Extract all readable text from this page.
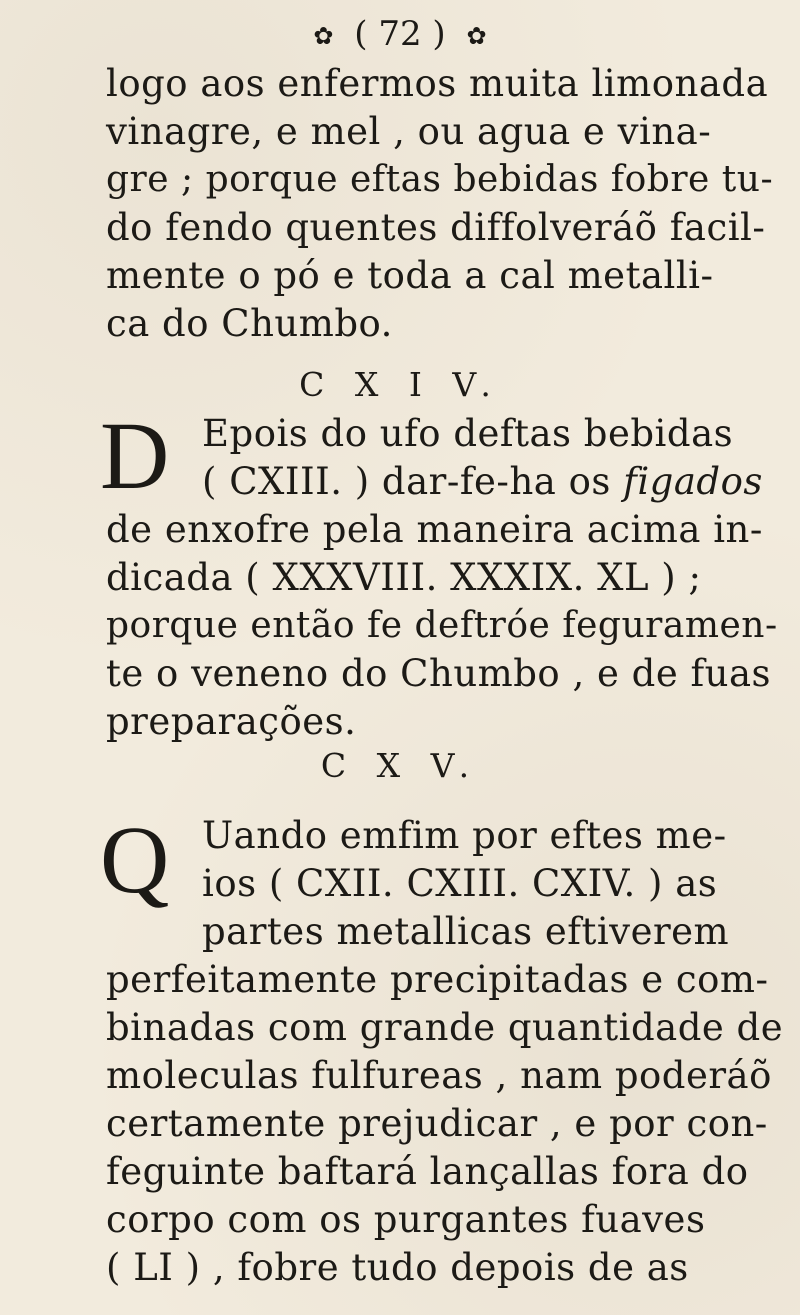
✿ ( 72 ) ✿
logo aos enfermos muita limonada
vinagre, e mel , ou agua e vina-
gre ; porque eftas bebidas fobre tu-
do fendo quentes diffolveráõ facil-
mente o pó e toda a cal metalli-
ca do Chumbo.
C X I V.
D Epois do ufo deftas bebidas
( CXIII. ) dar-fe-ha os figados
de enxofre pela maneira acima in-
dicada ( XXXVIII. XXXIX. XL ) ;
porque então fe deftróe feguramen-
te o veneno do Chumbo , e de fuas
preparações.
C X V.
Q Uando emfim por eftes me-
ios ( CXII. CXIII. CXIV. ) as
partes metallicas eftiverem
perfeitamente precipitadas e com-
binadas com grande quantidade de
moleculas fulfureas , nam poderáõ
certamente prejudicar , e por con-
feguinte baftará lançallas fora do
corpo com os purgantes fuaves
( LI ) , fobre tudo depois de as
